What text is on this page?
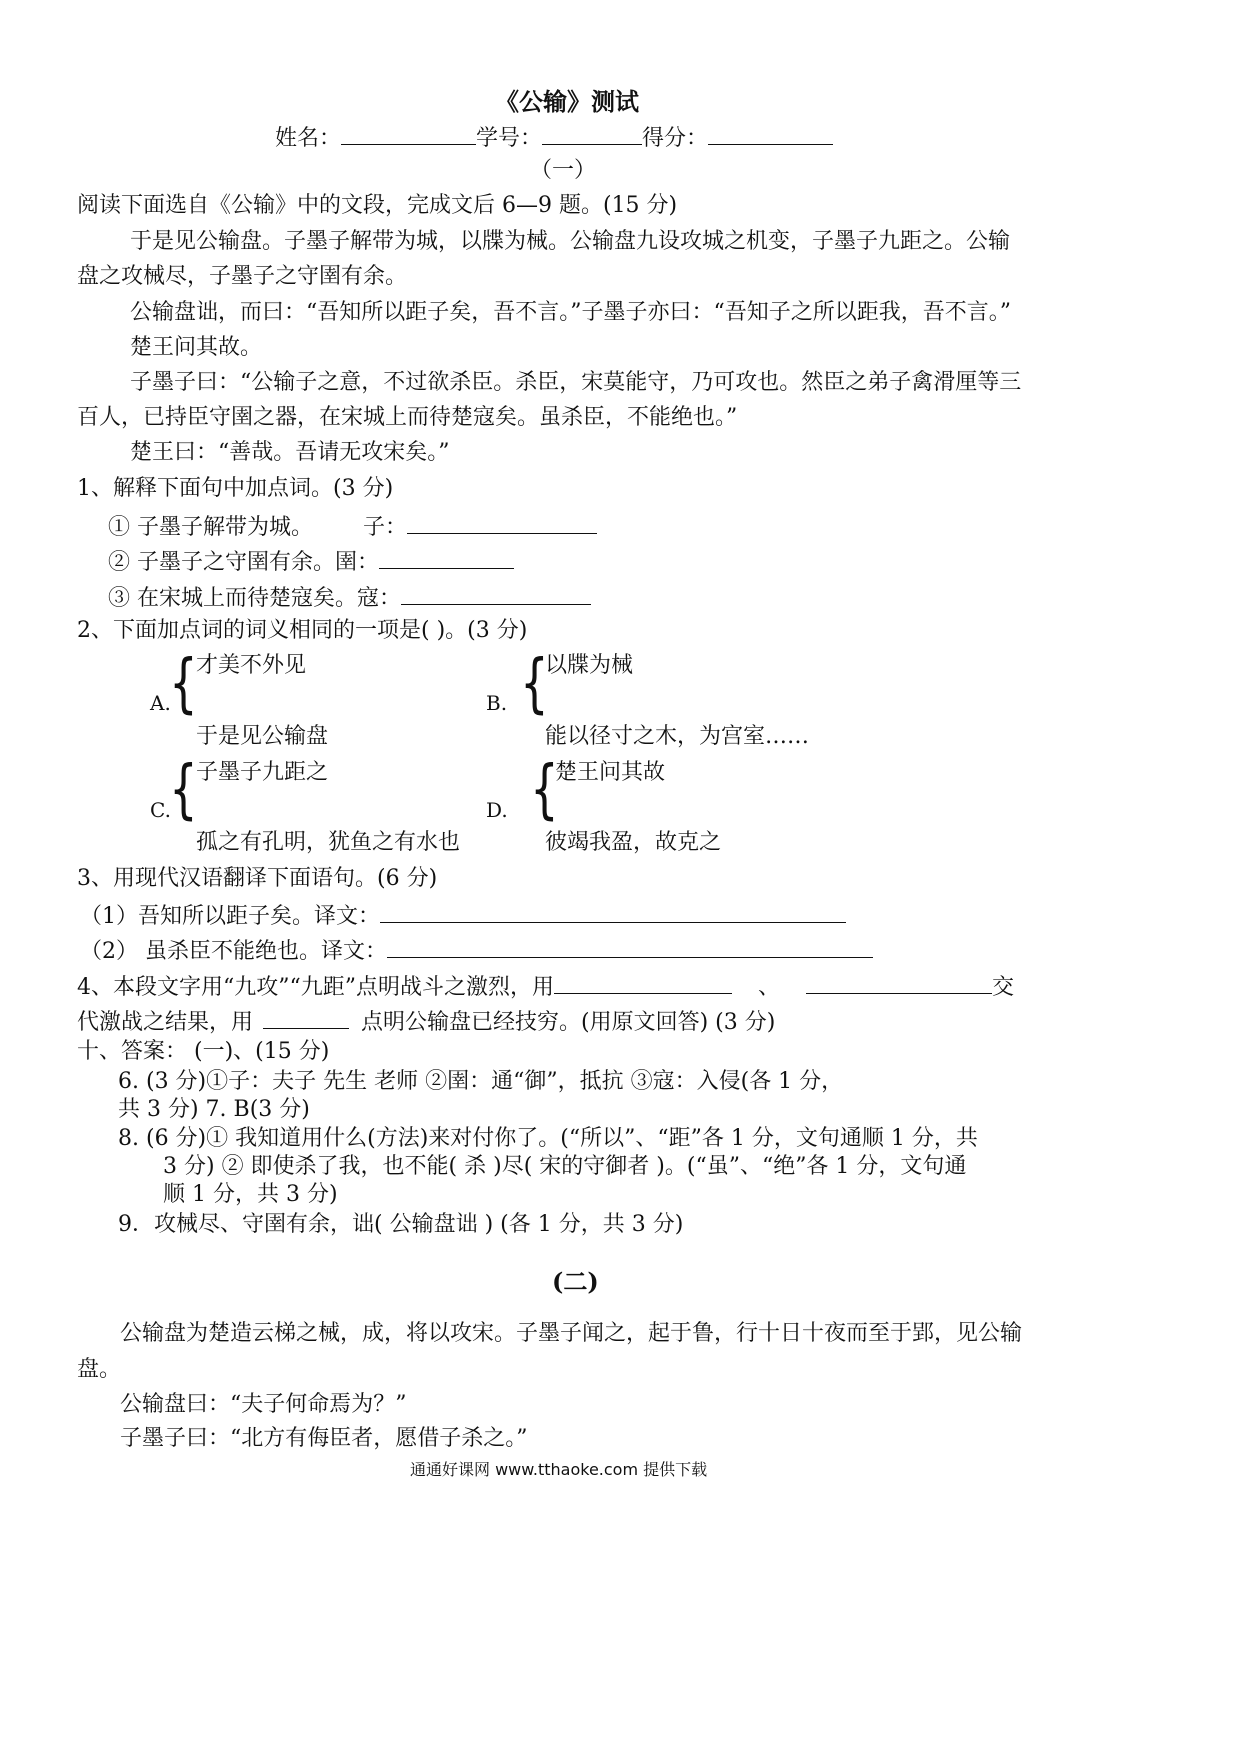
《公输》测试
姓名：	学号：	得分：
（一）
阅读下面选自《公输》中的文段，完成文后 6—9 题。(15 分)
于是见公输盘。子墨子解带为城，以牒为械。公输盘九设攻城之机变，子墨子九距之。公输
盘之攻械尽，子墨子之守圉有余。
公输盘诎，而曰：“吾知所以距子矣，吾不言。”子墨子亦曰：“吾知子之所以距我，吾不言。”
楚王问其故。
子墨子曰：“公输子之意，不过欲杀臣。杀臣，宋莫能守，乃可攻也。然臣之弟子禽滑厘等三
百人，已持臣守圉之器，在宋城上而待楚寇矣。虽杀臣，不能绝也。”
楚王曰：“善哉。吾请无攻宋矣。”
1、解释下面句中加点词。(3 分)
① 子墨子解带为城。 子：
② 子墨子之守圉有余。圉：
③ 在宋城上而待楚寇矣。寇：
2、下面加点词的词义相同的一项是( )。(3 分)
A.
{
才美不外见
于是见公输盘
B. {
以牒为械
能以径寸之木，为宫室……
C.
{
子墨子九距之
孤之有孔明，犹鱼之有水也
D. {
楚王问其故
彼竭我盈，故克之
3、用现代汉语翻译下面语句。(6 分)
（1）吾知所以距子矣。译文：
（2） 虽杀臣不能绝也。译文：
4、本段文字用“九攻”“九距”点明战斗之激烈，用	、	交
代激战之结果，用	点明公输盘已经技穷。(用原文回答) (3 分)
十、答案： (一)、(15 分)
6. (3 分)①子：夫子 先生 老师 ②圉：通“御”，抵抗 ③寇：入侵(各 1 分，
共 3 分) 7. B(3 分)
8. (6 分)① 我知道用什么(方法)来对付你了。(“所以”、“距”各 1 分，文句通顺 1 分，共
3 分) ② 即使杀了我，也不能( 杀 )尽( 宋的守御者 )。(“虽”、“绝”各 1 分，文句通
顺 1 分，共 3 分)
9．攻械尽、守圉有余，诎( 公输盘诎 ) (各 1 分，共 3 分)
(二)
公输盘为楚造云梯之械，成，将以攻宋。子墨子闻之，起于鲁，行十日十夜而至于郢，见公输
盘。
公输盘曰：“夫子何命焉为？”
子墨子曰：“北方有侮臣者，愿借子杀之。”
通通好课网 www.tthaoke.com 提供下载
